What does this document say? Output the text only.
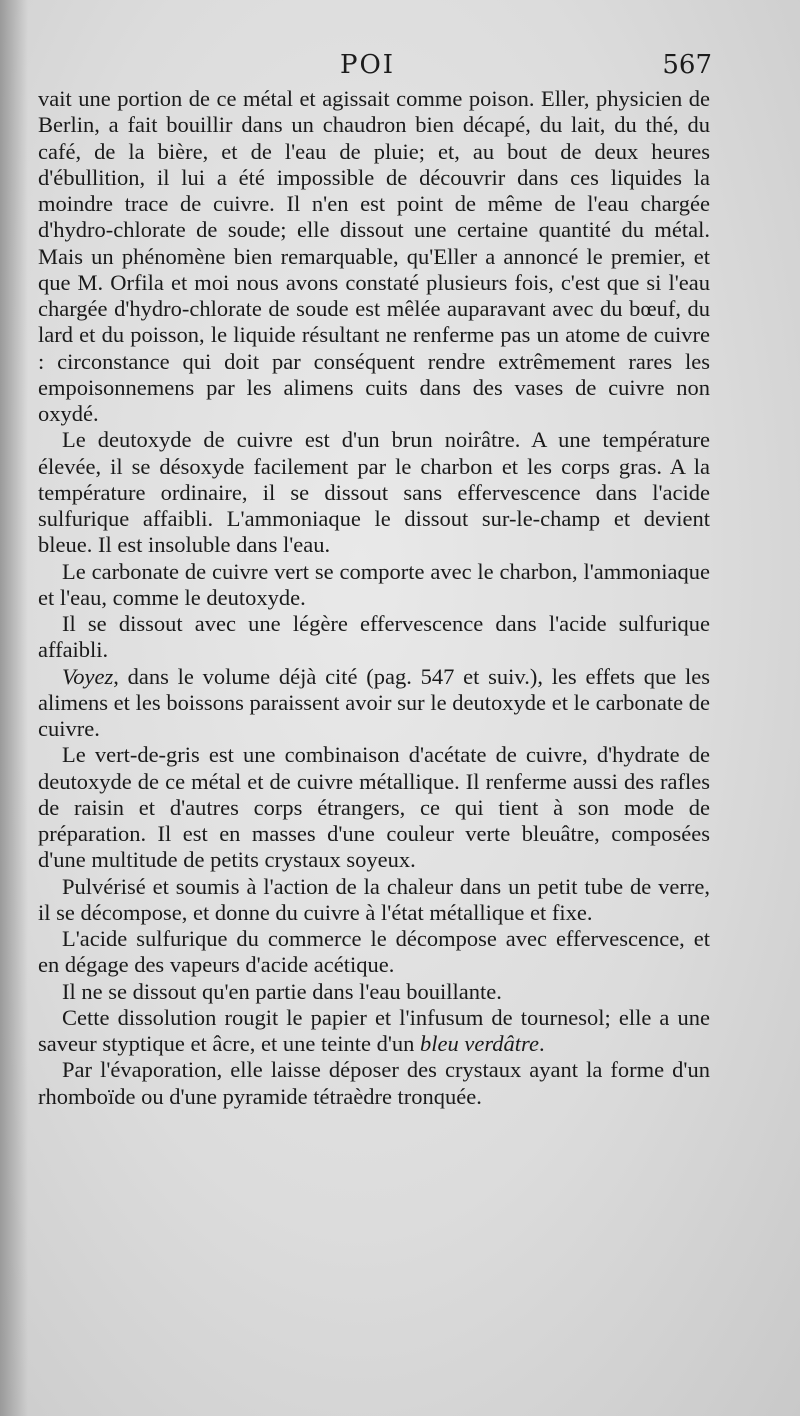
POI	567

vait une portion de ce métal et agissait comme poison. Eller, physicien de Berlin, a fait bouillir dans un chaudron bien décapé, du lait, du thé, du café, de la bière, et de l'eau de pluie; et, au bout de deux heures d'ébullition, il lui a été impossible de découvrir dans ces liquides la moindre trace de cuivre. Il n'en est point de même de l'eau chargée d'hydro-chlorate de soude; elle dissout une certaine quantité du métal. Mais un phénomène bien remarquable, qu'Eller a annoncé le premier, et que M. Orfila et moi nous avons constaté plusieurs fois, c'est que si l'eau chargée d'hydro-chlorate de soude est mêlée auparavant avec du bœuf, du lard et du poisson, le liquide résultant ne renferme pas un atome de cuivre : circonstance qui doit par conséquent rendre extrêmement rares les empoisonnemens par les alimens cuits dans des vases de cuivre non oxydé.

Le deutoxyde de cuivre est d'un brun noirâtre. A une température élevée, il se désoxyde facilement par le charbon et les corps gras. A la température ordinaire, il se dissout sans effervescence dans l'acide sulfurique affaibli. L'ammoniaque le dissout sur-le-champ et devient bleue. Il est insoluble dans l'eau.

Le carbonate de cuivre vert se comporte avec le charbon, l'ammoniaque et l'eau, comme le deutoxyde.

Il se dissout avec une légère effervescence dans l'acide sulfurique affaibli.

Voyez, dans le volume déjà cité (pag. 547 et suiv.), les effets que les alimens et les boissons paraissent avoir sur le deutoxyde et le carbonate de cuivre.

Le vert-de-gris est une combinaison d'acétate de cuivre, d'hydrate de deutoxyde de ce métal et de cuivre métallique. Il renferme aussi des rafles de raisin et d'autres corps étrangers, ce qui tient à son mode de préparation. Il est en masses d'une couleur verte bleuâtre, composées d'une multitude de petits crystaux soyeux.

Pulvérisé et soumis à l'action de la chaleur dans un petit tube de verre, il se décompose, et donne du cuivre à l'état métallique et fixe.

L'acide sulfurique du commerce le décompose avec effervescence, et en dégage des vapeurs d'acide acétique.

Il ne se dissout qu'en partie dans l'eau bouillante.

Cette dissolution rougit le papier et l'infusum de tournesol; elle a une saveur styptique et âcre, et une teinte d'un bleu verdâtre.

Par l'évaporation, elle laisse déposer des crystaux ayant la forme d'un rhomboïde ou d'une pyramide tétraèdre tronquée.
